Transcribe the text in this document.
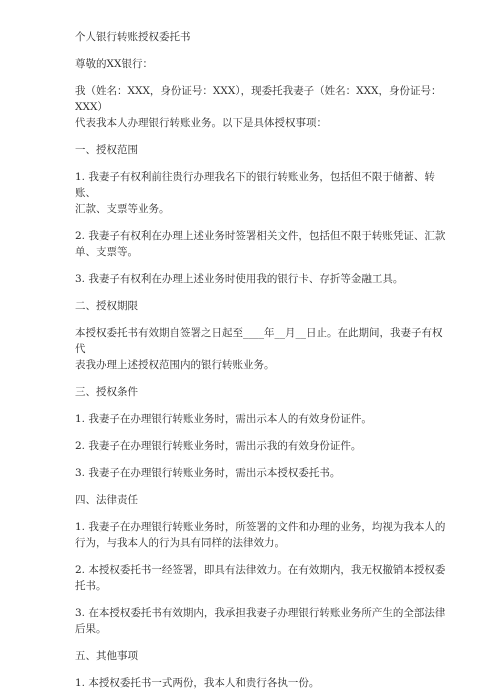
个人银行转账授权委托书

尊敬的XX银行：

我（姓名：XXX，身份证号：XXX），现委托我妻子（姓名：XXX，身份证号：XXX）
代表我本人办理银行转账业务。以下是具体授权事项：

一、授权范围

1. 我妻子有权利前往贵行办理我名下的银行转账业务，包括但不限于储蓄、转账、
汇款、支票等业务。

2. 我妻子有权利在办理上述业务时签署相关文件，包括但不限于转账凭证、汇款
单、支票等。

3. 我妻子有权利在办理上述业务时使用我的银行卡、存折等金融工具。

二、授权期限

本授权委托书有效期自签署之日起至____年__月__日止。在此期间，我妻子有权代
表我办理上述授权范围内的银行转账业务。

三、授权条件

1. 我妻子在办理银行转账业务时，需出示本人的有效身份证件。

2. 我妻子在办理银行转账业务时，需出示我的有效身份证件。

3. 我妻子在办理银行转账业务时，需出示本授权委托书。

四、法律责任

1. 我妻子在办理银行转账业务时，所签署的文件和办理的业务，均视为我本人的
行为，与我本人的行为具有同样的法律效力。

2. 本授权委托书一经签署，即具有法律效力。在有效期内，我无权撤销本授权委
托书。

3. 在本授权委托书有效期内，我承担我妻子办理银行转账业务所产生的全部法律
后果。

五、其他事项

1. 本授权委托书一式两份，我本人和贵行各执一份。
